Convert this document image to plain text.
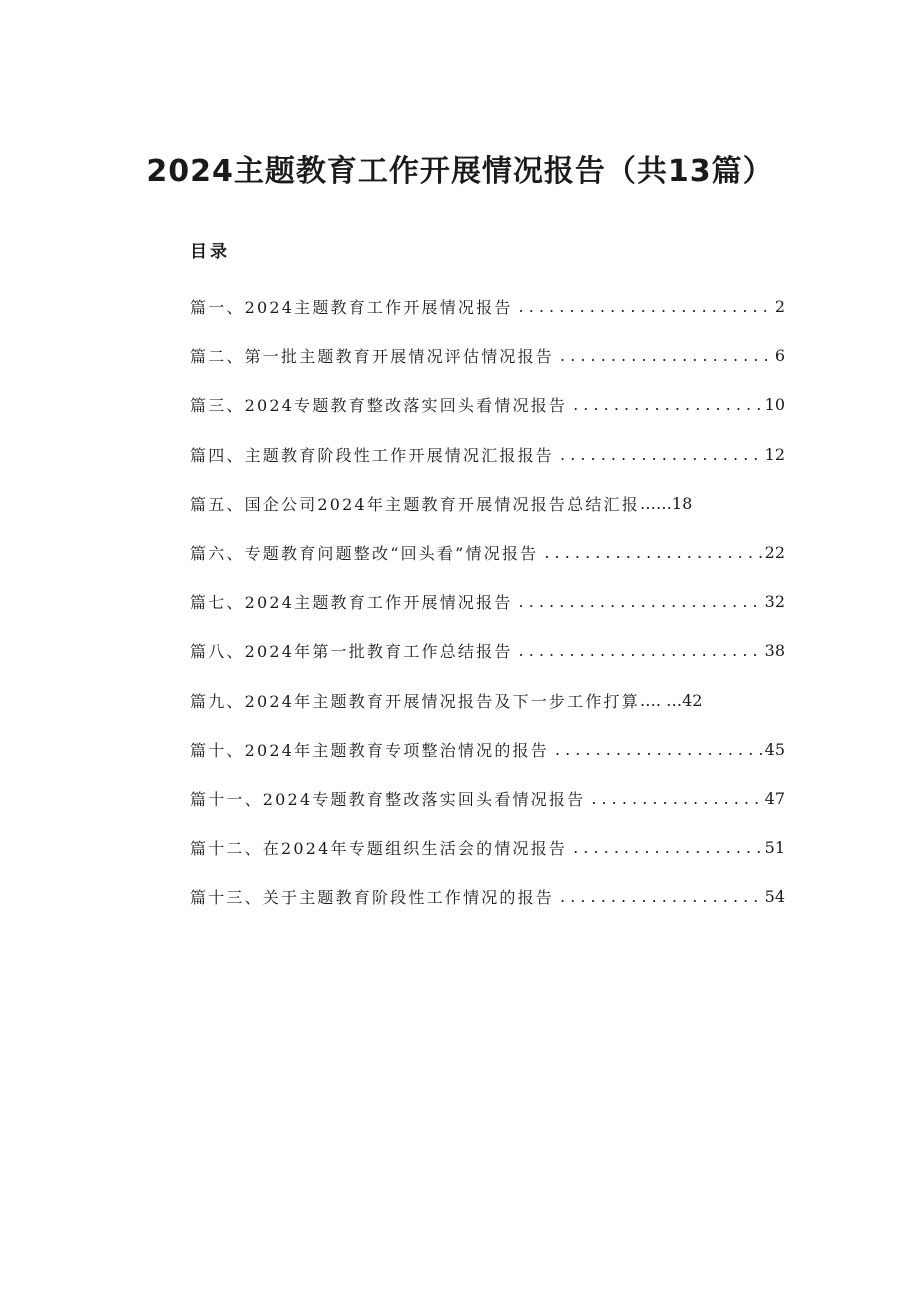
2024主题教育工作开展情况报告（共13篇）
目录
篇一、2024主题教育工作开展情况报告 . . .	2
篇二、第一批主题教育开展情况评估情况报告 . . .	6
篇三、2024专题教育整改落实回头看情况报告 . . .	10
篇四、主题教育阶段性工作开展情况汇报报告 . . .	12
篇五、国企公司2024年主题教育开展情况报告总结汇报 ……18
篇六、专题教育问题整改“回头看”情况报告 . . .	22
篇七、2024主题教育工作开展情况报告 . . .	32
篇八、2024年第一批教育工作总结报告 . . .	38
篇九、2024年主题教育开展情况报告及下一步工作打算 …. …42
篇十、2024年主题教育专项整治情况的报告 . . .	45
篇十一、2024专题教育整改落实回头看情况报告 . . .	47
篇十二、在2024年专题组织生活会的情况报告 . . .	51
篇十三、关于主题教育阶段性工作情况的报告 . . .	54
